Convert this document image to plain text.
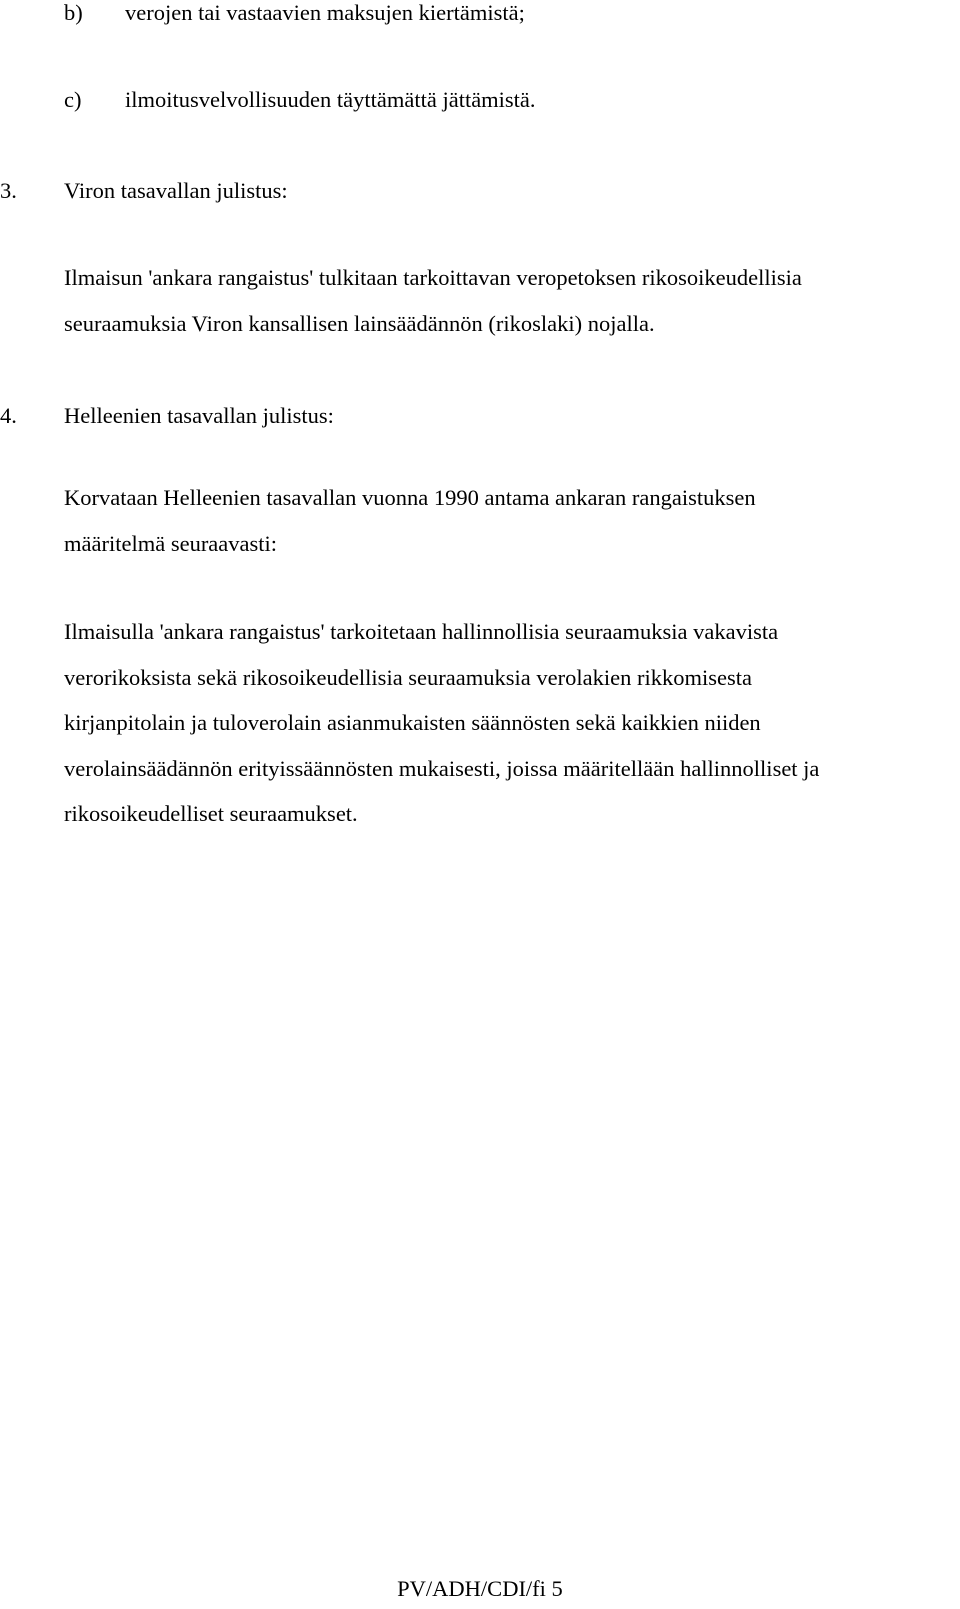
b) verojen tai vastaavien maksujen kiertämistä;
c) ilmoitusvelvollisuuden täyttämättä jättämistä.
3. Viron tasavallan julistus:
Ilmaisun 'ankara rangaistus' tulkitaan tarkoittavan veropetoksen rikosoikeudellisia
seuraamuksia Viron kansallisen lainsäädännön (rikoslaki) nojalla.
4. Helleenien tasavallan julistus:
Korvataan Helleenien tasavallan vuonna 1990 antama ankaran rangaistuksen
määritelmä seuraavasti:
Ilmaisulla 'ankara rangaistus' tarkoitetaan hallinnollisia seuraamuksia vakavista
verorikoksista sekä rikosoikeudellisia seuraamuksia verolakien rikkomisesta
kirjanpitolain ja tuloverolain asianmukaisten säännösten sekä kaikkien niiden
verolainsäädännön erityissäännösten mukaisesti, joissa määritellään hallinnolliset ja
rikosoikeudelliset seuraamukset.
PV/ADH/CDI/fi 5
